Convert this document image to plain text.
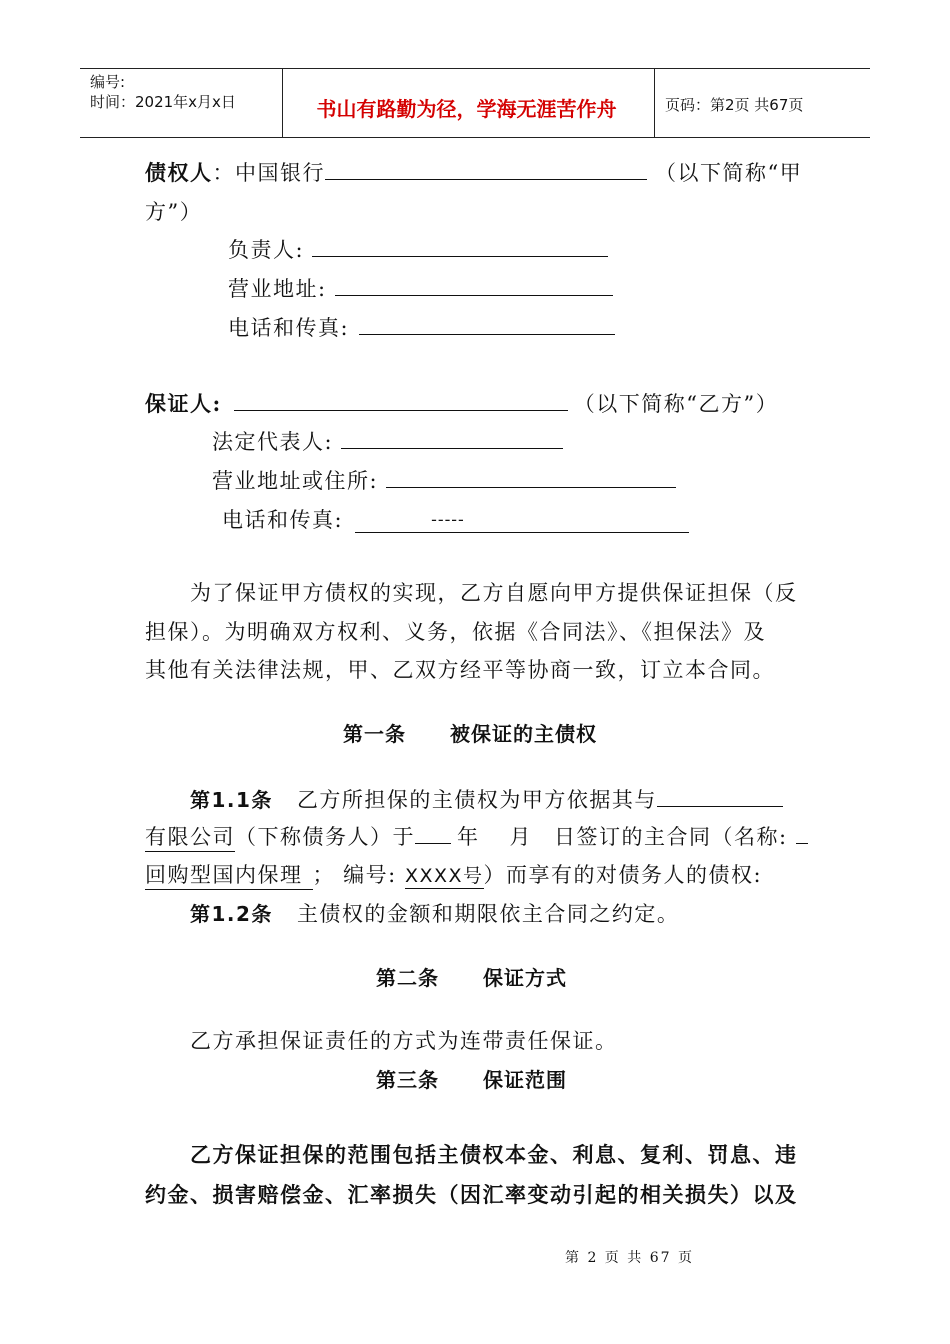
编号:
时间：2021年x月x日	书山有路勤为径，学海无涯苦作舟	页码：第2页 共67页
债权人：中国银行	（以下简称“甲
方”）
负责人:
营业地址:
电话和传真:
保证人:	（以下简称“乙方”）
法定代表人:
营业地址或住所:
电话和传真:	-----
为了保证甲方债权的实现，乙方自愿向甲方提供保证担保（反
担保）。为明确双方权利、义务，依据《合同法》、《担保法》及
其他有关法律法规，甲、乙双方经平等协商一致，订立本合同。
第一条 被保证的主债权
第1.1条 乙方所担保的主债权为甲方依据其与
有限公司（下称债务人）于 年 月 日签订的主合同（名称:
回购型国内保理 ； 编号: XXXX号）而享有的对债务人的债权:
第1.2条 主债权的金额和期限依主合同之约定。
第二条 保证方式
乙方承担保证责任的方式为连带责任保证。
第三条 保证范围
乙方保证担保的范围包括主债权本金、利息、复利、罚息、违
约金、损害赔偿金、汇率损失（因汇率变动引起的相关损失）以及
第 2 页 共 67 页
